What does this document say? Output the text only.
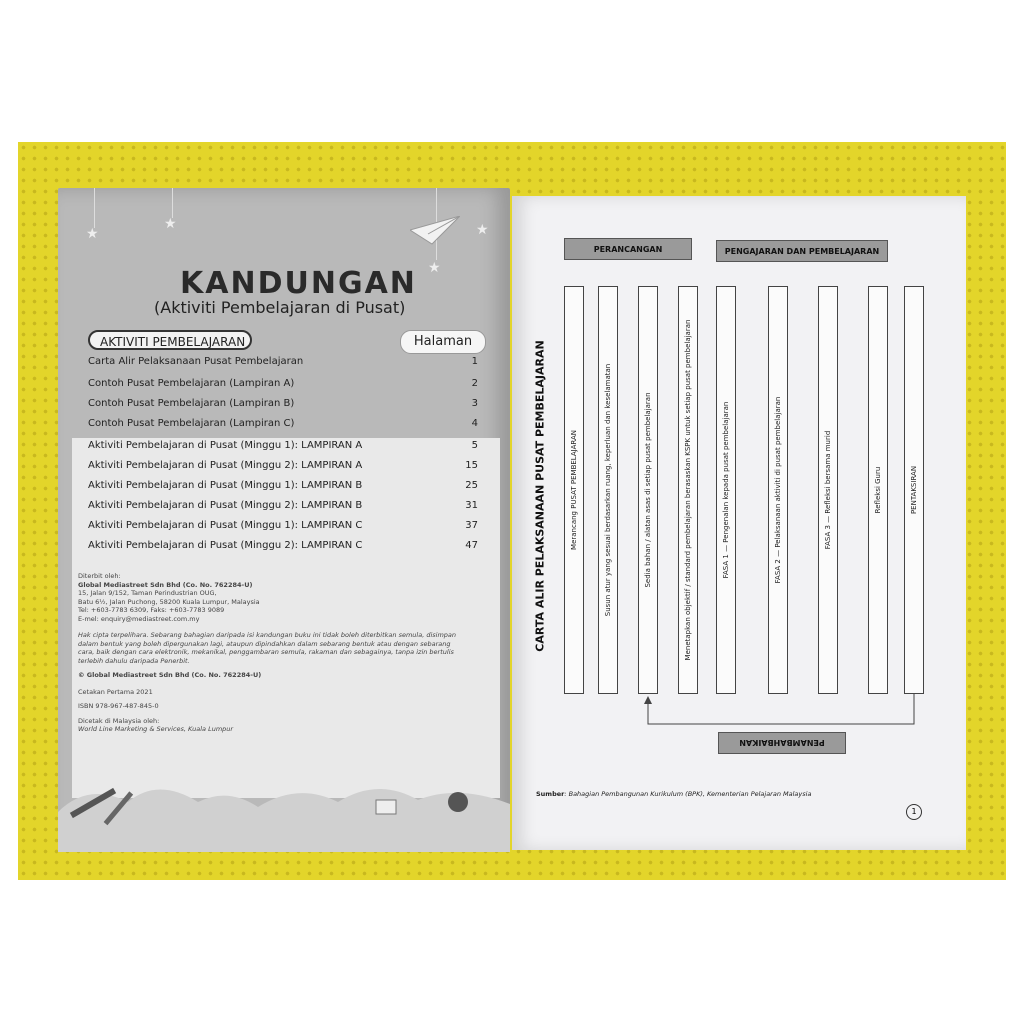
★
★
★
★
KANDUNGAN
(Aktiviti Pembelajaran di Pusat)
AKTIVITI PEMBELAJARAN	Halaman
Carta Alir Pelaksanaan Pusat Pembelajaran	1
Contoh Pusat Pembelajaran (Lampiran A)	2
Contoh Pusat Pembelajaran (Lampiran B)	3
Contoh Pusat Pembelajaran (Lampiran C)	4
Aktiviti Pembelajaran di Pusat (Minggu 1): LAMPIRAN A	5
Aktiviti Pembelajaran di Pusat (Minggu 2): LAMPIRAN A	15
Aktiviti Pembelajaran di Pusat (Minggu 1): LAMPIRAN B	25
Aktiviti Pembelajaran di Pusat (Minggu 2): LAMPIRAN B	31
Aktiviti Pembelajaran di Pusat (Minggu 1): LAMPIRAN C	37
Aktiviti Pembelajaran di Pusat (Minggu 2): LAMPIRAN C	47
Diterbit oleh:
Global Mediastreet Sdn Bhd (Co. No. 762284-U)
15, Jalan 9/152, Taman Perindustrian OUG,
Batu 6½, Jalan Puchong, 58200 Kuala Lumpur, Malaysia
Tel: +603-7783 6309, Faks: +603-7783 9089
E-mel: enquiry@mediastreet.com.my
Hak cipta terpelihara. Sebarang bahagian daripada isi kandungan buku ini tidak boleh diterbitkan semula, disimpan
dalam bentuk yang boleh dipergunakan lagi, ataupun dipindahkan dalam sebarang bentuk atau dengan sebarang
cara, baik dengan cara elektronik, mekanikal, penggambaran semula, rakaman dan sebagainya, tanpa izin bertulis
terlebih dahulu daripada Penerbit.
© Global Mediastreet Sdn Bhd (Co. No. 762284-U)
Cetakan Pertama 2021
ISBN 978-967-487-845-0
Dicetak di Malaysia oleh:
World Line Marketing & Services, Kuala Lumpur
CARTA ALIR PELAKSANAAN PUSAT PEMBELAJARAN
PERANCANGAN	PENGAJARAN DAN PEMBELAJARAN
Merancang PUSAT PEMBELAJARAN	Susun atur yang sesuai berdasarkan ruang, keperluan dan keselamatan	Sedia bahan / alatan asas di setiap pusat pembelajaran	Menetapkan objektif / standard pembelajaran berasaskan KSPK untuk setiap pusat pembelajaran	FASA 1 — Pengenalan kepada pusat pembelajaran	FASA 2 — Pelaksanaan aktiviti di pusat pembelajaran	FASA 3 — Refleksi bersama murid	Refleksi Guru	PENTAKSIRAN
PENAMBAHBAIKAN
Sumber: Bahagian Pembangunan Kurikulum (BPK), Kementerian Pelajaran Malaysia
1
